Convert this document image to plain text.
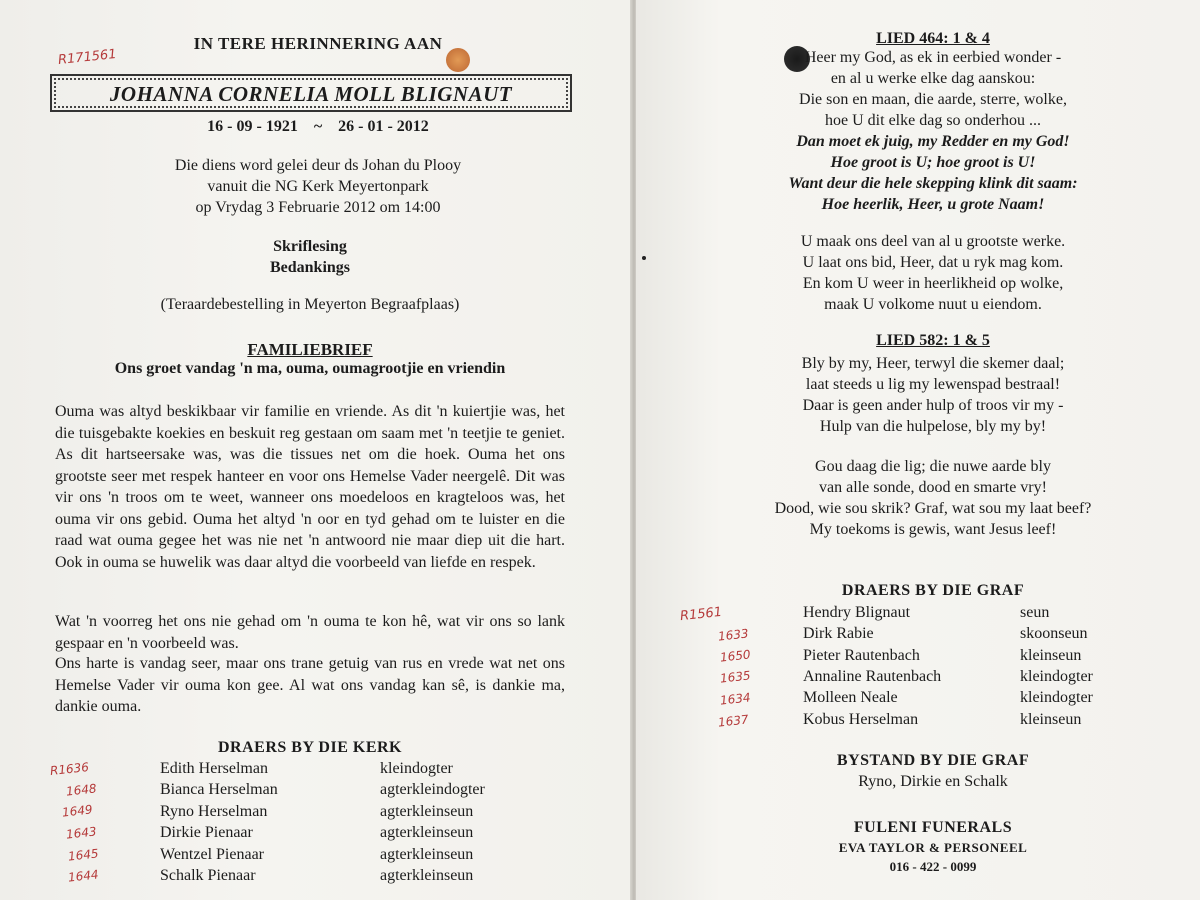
IN TERE HERINNERING AAN
R171561
JOHANNA CORNELIA MOLL BLIGNAUT
16 - 09 - 1921    ~    26 - 01 - 2012
Die diens word gelei deur ds Johan du Plooy
vanuit die NG Kerk Meyertonpark
op Vrydag 3 Februarie 2012 om 14:00
Skriflesing
Bedankings
(Teraardebestelling in Meyerton Begraafplaas)
FAMILIEBRIEF
Ons groet vandag 'n ma, ouma, oumagrootjie en vriendin
Ouma was altyd beskikbaar vir familie en vriende. As dit 'n kuiertjie was, het die tuisgebakte koekies en beskuit reg gestaan om saam met 'n teetjie te geniet. As dit hartseersake was, was die tissues net om die hoek. Ouma het ons grootste seer met respek hanteer en voor ons Hemelse Vader neergelê. Dit was vir ons 'n troos om te weet, wanneer ons moedeloos en kragteloos was, het ouma vir ons gebid. Ouma het altyd 'n oor en tyd gehad om te luister en die raad wat ouma gegee het was nie net 'n antwoord nie maar diep uit die hart. Ook in ouma se huwelik was daar altyd die voorbeeld van liefde en respek.
Wat 'n voorreg het ons nie gehad om 'n ouma te kon hê, wat vir ons so lank gespaar en 'n voorbeeld was.
Ons harte is vandag seer, maar ons trane getuig van rus en vrede wat net ons Hemelse Vader vir ouma kon gee. Al wat ons vandag kan sê, is dankie ma, dankie ouma.
DRAERS BY DIE KERK
R1636	Edith Herselman	kleindogter
1648	Bianca Herselman	agterkleindogter
1649	Ryno Herselman	agterkleinseun
1643	Dirkie Pienaar	agterkleinseun
1645	Wentzel Pienaar	agterkleinseun
1644	Schalk Pienaar	agterkleinseun
LIED 464: 1 & 4
Heer my God, as ek in eerbied wonder -
en al u werke elke dag aanskou:
Die son en maan, die aarde, sterre, wolke,
hoe U dit elke dag so onderhou ...
Dan moet ek juig, my Redder en my God!
Hoe groot is U; hoe groot is U!
Want deur die hele skepping klink dit saam:
Hoe heerlik, Heer, u grote Naam!
U maak ons deel van al u grootste werke.
U laat ons bid, Heer, dat u ryk mag kom.
En kom U weer in heerlikheid op wolke,
maak U volkome nuut u eiendom.
LIED 582: 1 & 5
Bly by my, Heer, terwyl die skemer daal;
laat steeds u lig my lewenspad bestraal!
Daar is geen ander hulp of troos vir my -
Hulp van die hulpelose, bly my by!
Gou daag die lig; die nuwe aarde bly
van alle sonde, dood en smarte vry!
Dood, wie sou skrik? Graf, wat sou my laat beef?
My toekoms is gewis, want Jesus leef!
DRAERS BY DIE GRAF
R1561	Hendry Blignaut	seun
1633	Dirk Rabie	skoonseun
1650	Pieter Rautenbach	kleinseun
1635	Annaline Rautenbach	kleindogter
1634	Molleen Neale	kleindogter
1637	Kobus Herselman	kleinseun
BYSTAND BY DIE GRAF
Ryno, Dirkie en Schalk
FULENI FUNERALS
EVA TAYLOR & PERSONEEL
016 - 422 - 0099
